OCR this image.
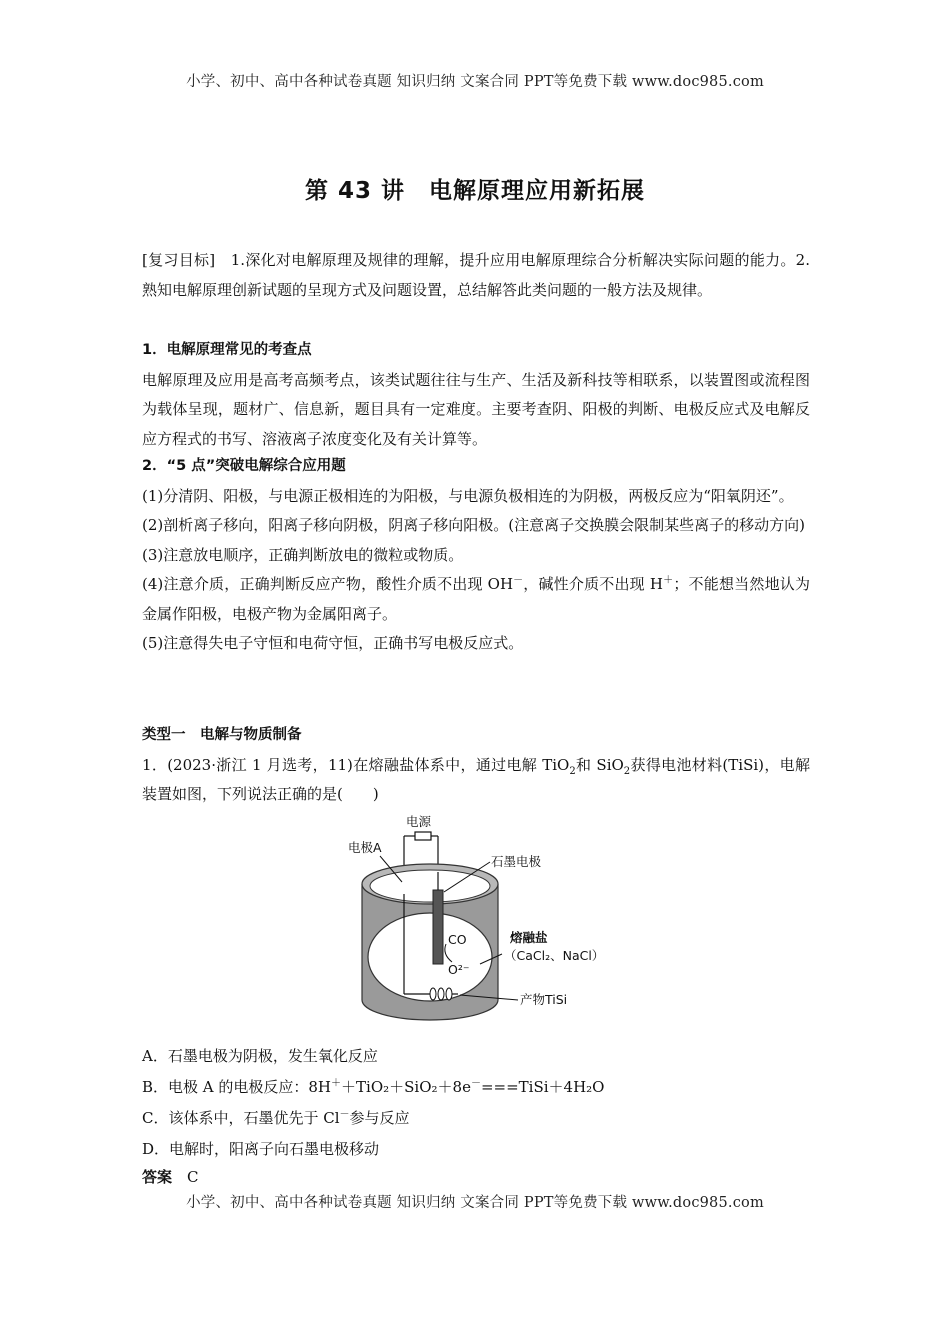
小学、初中、高中各种试卷真题 知识归纳 文案合同 PPT等免费下载 www.doc985.com
第 43 讲　电解原理应用新拓展

[复习目标]　1.深化对电解原理及规律的理解，提升应用电解原理综合分析解决实际问题的能力。2.熟知电解原理创新试题的呈现方式及问题设置，总结解答此类问题的一般方法及规律。

1．电解原理常见的考查点

电解原理及应用是高考高频考点，该类试题往往与生产、生活及新科技等相联系，以装置图或流程图为载体呈现，题材广、信息新，题目具有一定难度。主要考查阴、阳极的判断、电极反应式及电解反应方程式的书写、溶液离子浓度变化及有关计算等。

2．“5 点”突破电解综合应用题

(1)分清阴、阳极，与电源正极相连的为阳极，与电源负极相连的为阴极，两极反应为“阳氧阴还”。

(2)剖析离子移向，阳离子移向阴极，阴离子移向阳极。(注意离子交换膜会限制某些离子的移动方向)

(3)注意放电顺序，正确判断放电的微粒或物质。

(4)注意介质，正确判断反应产物，酸性介质不出现 OH－，碱性介质不出现 H＋；不能想当然地认为金属作阳极，电极产物为金属阳离子。

(5)注意得失电子守恒和电荷守恒，正确书写电极反应式。

类型一　电解与物质制备

1．(2023·浙江 1 月选考，11)在熔融盐体系中，通过电解 TiO$_2$和 SiO$_2$获得电池材料(TiSi)，电解装置如图，下列说法正确的是(　　)

电源
电极A
石墨电极
熔融盐
（CaCl₂、NaCl）
CO
O²⁻
产物TiSi

A．石墨电极为阴极，发生氧化反应

B．电极 A 的电极反应：8H＋＋TiO₂＋SiO₂＋8e－===TiSi＋4H₂O

C．该体系中，石墨优先于 Cl－参与反应

D．电解时，阳离子向石墨电极移动

答案　 C

小学、初中、高中各种试卷真题 知识归纳 文案合同 PPT等免费下载 www.doc985.com
